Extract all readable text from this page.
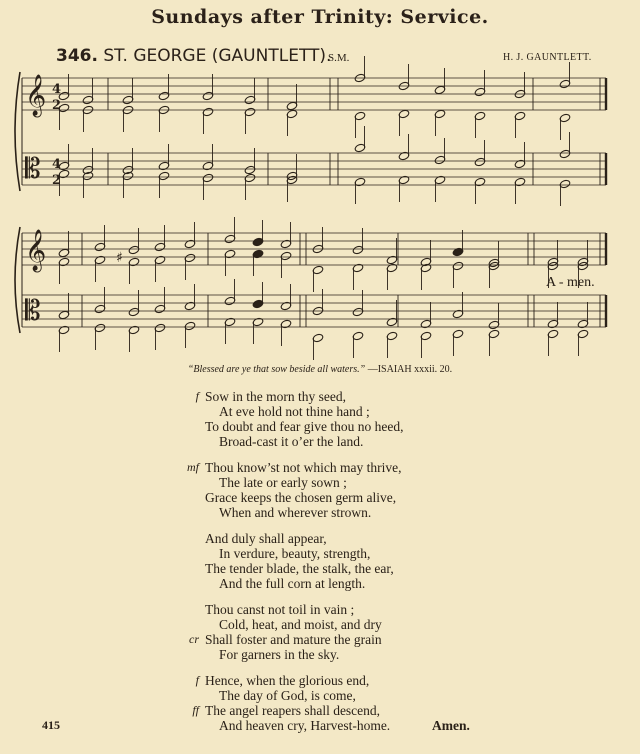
Sundays after Trinity: Service.
346. ST. GEORGE (GAUNTLETT).
S.M.	H. J. GAUNTLETT.
𝄞
𝄡
4
2
4
2
𝄞
𝄡
♯
A - men.
“Blessed are ye that sow beside all waters.” —ISAIAH xxxii. 20.
f Sow in the morn thy seed,
At eve hold not thine hand ;
To doubt and fear give thou no heed,
Broad-cast it o’er the land.
mf Thou know’st not which may thrive,
The late or early sown ;
Grace keeps the chosen germ alive,
When and wherever strown.
And duly shall appear,
In verdure, beauty, strength,
The tender blade, the stalk, the ear,
And the full corn at length.
Thou canst not toil in vain ;
Cold, heat, and moist, and dry
cr Shall foster and mature the grain
For garners in the sky.
f Hence, when the glorious end,
The day of God, is come,
ff The angel reapers shall descend,
And heaven cry, Harvest-home.	Amen.
415
